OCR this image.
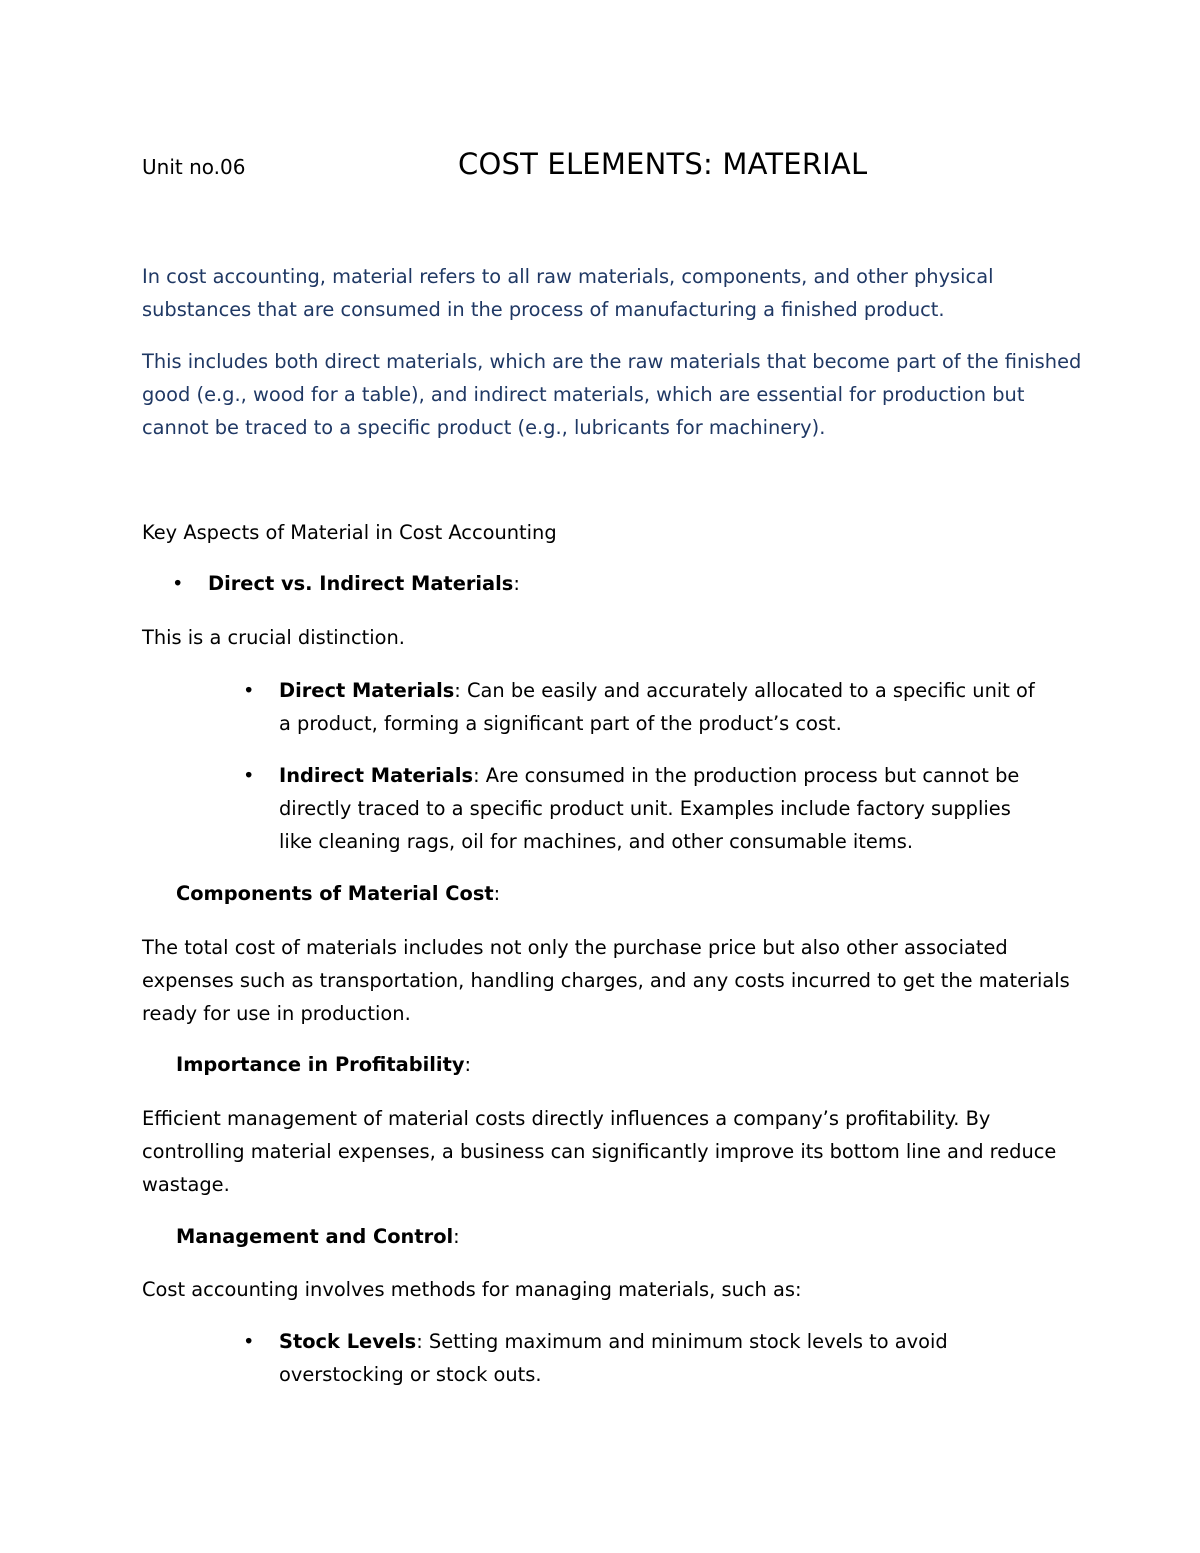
Unit no.06	COST ELEMENTS: MATERIAL

In cost accounting, material refers to all raw materials, components, and other physical substances that are consumed in the process of manufacturing a finished product.

This includes both direct materials, which are the raw materials that become part of the finished good (e.g., wood for a table), and indirect materials, which are essential for production but cannot be traced to a specific product (e.g., lubricants for machinery).

Key Aspects of Material in Cost Accounting
•	Direct vs. Indirect Materials:

This is a crucial distinction.

•	Direct Materials: Can be easily and accurately allocated to a specific unit of a product, forming a significant part of the product’s cost.
•	Indirect Materials: Are consumed in the production process but cannot be directly traced to a specific product unit. Examples include factory supplies like cleaning rags, oil for machines, and other consumable items.
Components of Material Cost:

The total cost of materials includes not only the purchase price but also other associated expenses such as transportation, handling charges, and any costs incurred to get the materials ready for use in production.

Importance in Profitability:

Efficient management of material costs directly influences a company’s profitability. By controlling material expenses, a business can significantly improve its bottom line and reduce wastage.

Management and Control:

Cost accounting involves methods for managing materials, such as:

•	Stock Levels: Setting maximum and minimum stock levels to avoid overstocking or stock outs.
